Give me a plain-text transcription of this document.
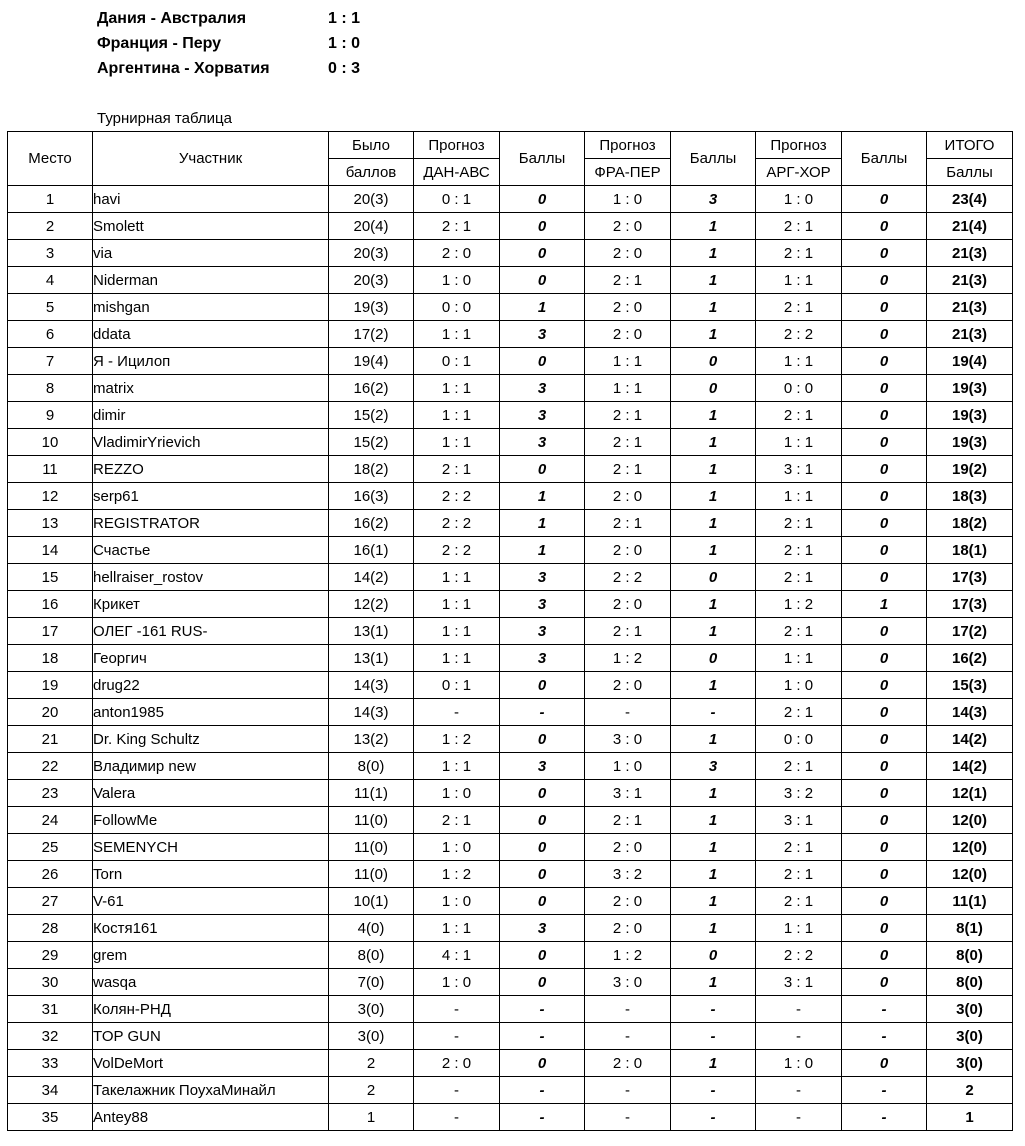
Дания - Австралия	1 : 1
Франция - Перу	1 : 0
Аргентина - Хорватия	0 : 3
Турнирная таблица
Место	Участник	Было	Прогноз	Баллы	Прогноз	Баллы	Прогноз	Баллы	ИТОГО
		баллов	ДАН-АВС		ФРА-ПЕР		АРГ-ХОР		Баллы
1	havi	20(3)	0 : 1	0	1 : 0	3	1 : 0	0	23(4)
2	Smolett	20(4)	2 : 1	0	2 : 0	1	2 : 1	0	21(4)
3	via	20(3)	2 : 0	0	2 : 0	1	2 : 1	0	21(3)
4	Niderman	20(3)	1 : 0	0	2 : 1	1	1 : 1	0	21(3)
5	mishgan	19(3)	0 : 0	1	2 : 0	1	2 : 1	0	21(3)
6	ddata	17(2)	1 : 1	3	2 : 0	1	2 : 2	0	21(3)
7	Я - Ицилоп	19(4)	0 : 1	0	1 : 1	0	1 : 1	0	19(4)
8	matrix	16(2)	1 : 1	3	1 : 1	0	0 : 0	0	19(3)
9	dimir	15(2)	1 : 1	3	2 : 1	1	2 : 1	0	19(3)
10	VladimirYrievich	15(2)	1 : 1	3	2 : 1	1	1 : 1	0	19(3)
11	REZZO	18(2)	2 : 1	0	2 : 1	1	3 : 1	0	19(2)
12	serp61	16(3)	2 : 2	1	2 : 0	1	1 : 1	0	18(3)
13	REGISTRATOR	16(2)	2 : 2	1	2 : 1	1	2 : 1	0	18(2)
14	Счастье	16(1)	2 : 2	1	2 : 0	1	2 : 1	0	18(1)
15	hellraiser_rostov	14(2)	1 : 1	3	2 : 2	0	2 : 1	0	17(3)
16	Крикет	12(2)	1 : 1	3	2 : 0	1	1 : 2	1	17(3)
17	ОЛЕГ -161 RUS-	13(1)	1 : 1	3	2 : 1	1	2 : 1	0	17(2)
18	Георгич	13(1)	1 : 1	3	1 : 2	0	1 : 1	0	16(2)
19	drug22	14(3)	0 : 1	0	2 : 0	1	1 : 0	0	15(3)
20	anton1985	14(3)	-	-	-	-	2 : 1	0	14(3)
21	Dr. King Schultz	13(2)	1 : 2	0	3 : 0	1	0 : 0	0	14(2)
22	Владимир new	8(0)	1 : 1	3	1 : 0	3	2 : 1	0	14(2)
23	Valera	11(1)	1 : 0	0	3 : 1	1	3 : 2	0	12(1)
24	FollowMe	11(0)	2 : 1	0	2 : 1	1	3 : 1	0	12(0)
25	SEMENYCH	11(0)	1 : 0	0	2 : 0	1	2 : 1	0	12(0)
26	Torn	11(0)	1 : 2	0	3 : 2	1	2 : 1	0	12(0)
27	V-61	10(1)	1 : 0	0	2 : 0	1	2 : 1	0	11(1)
28	Костя161	4(0)	1 : 1	3	2 : 0	1	1 : 1	0	8(1)
29	grem	8(0)	4 : 1	0	1 : 2	0	2 : 2	0	8(0)
30	wasqa	7(0)	1 : 0	0	3 : 0	1	3 : 1	0	8(0)
31	Колян-РНД	3(0)	-	-	-	-	-	-	3(0)
32	TOP GUN	3(0)	-	-	-	-	-	-	3(0)
33	VolDeMort	2	2 : 0	0	2 : 0	1	1 : 0	0	3(0)
34	Такелажник ПоухаМинайл	2	-	-	-	-	-	-	2
35	Antey88	1	-	-	-	-	-	-	1
